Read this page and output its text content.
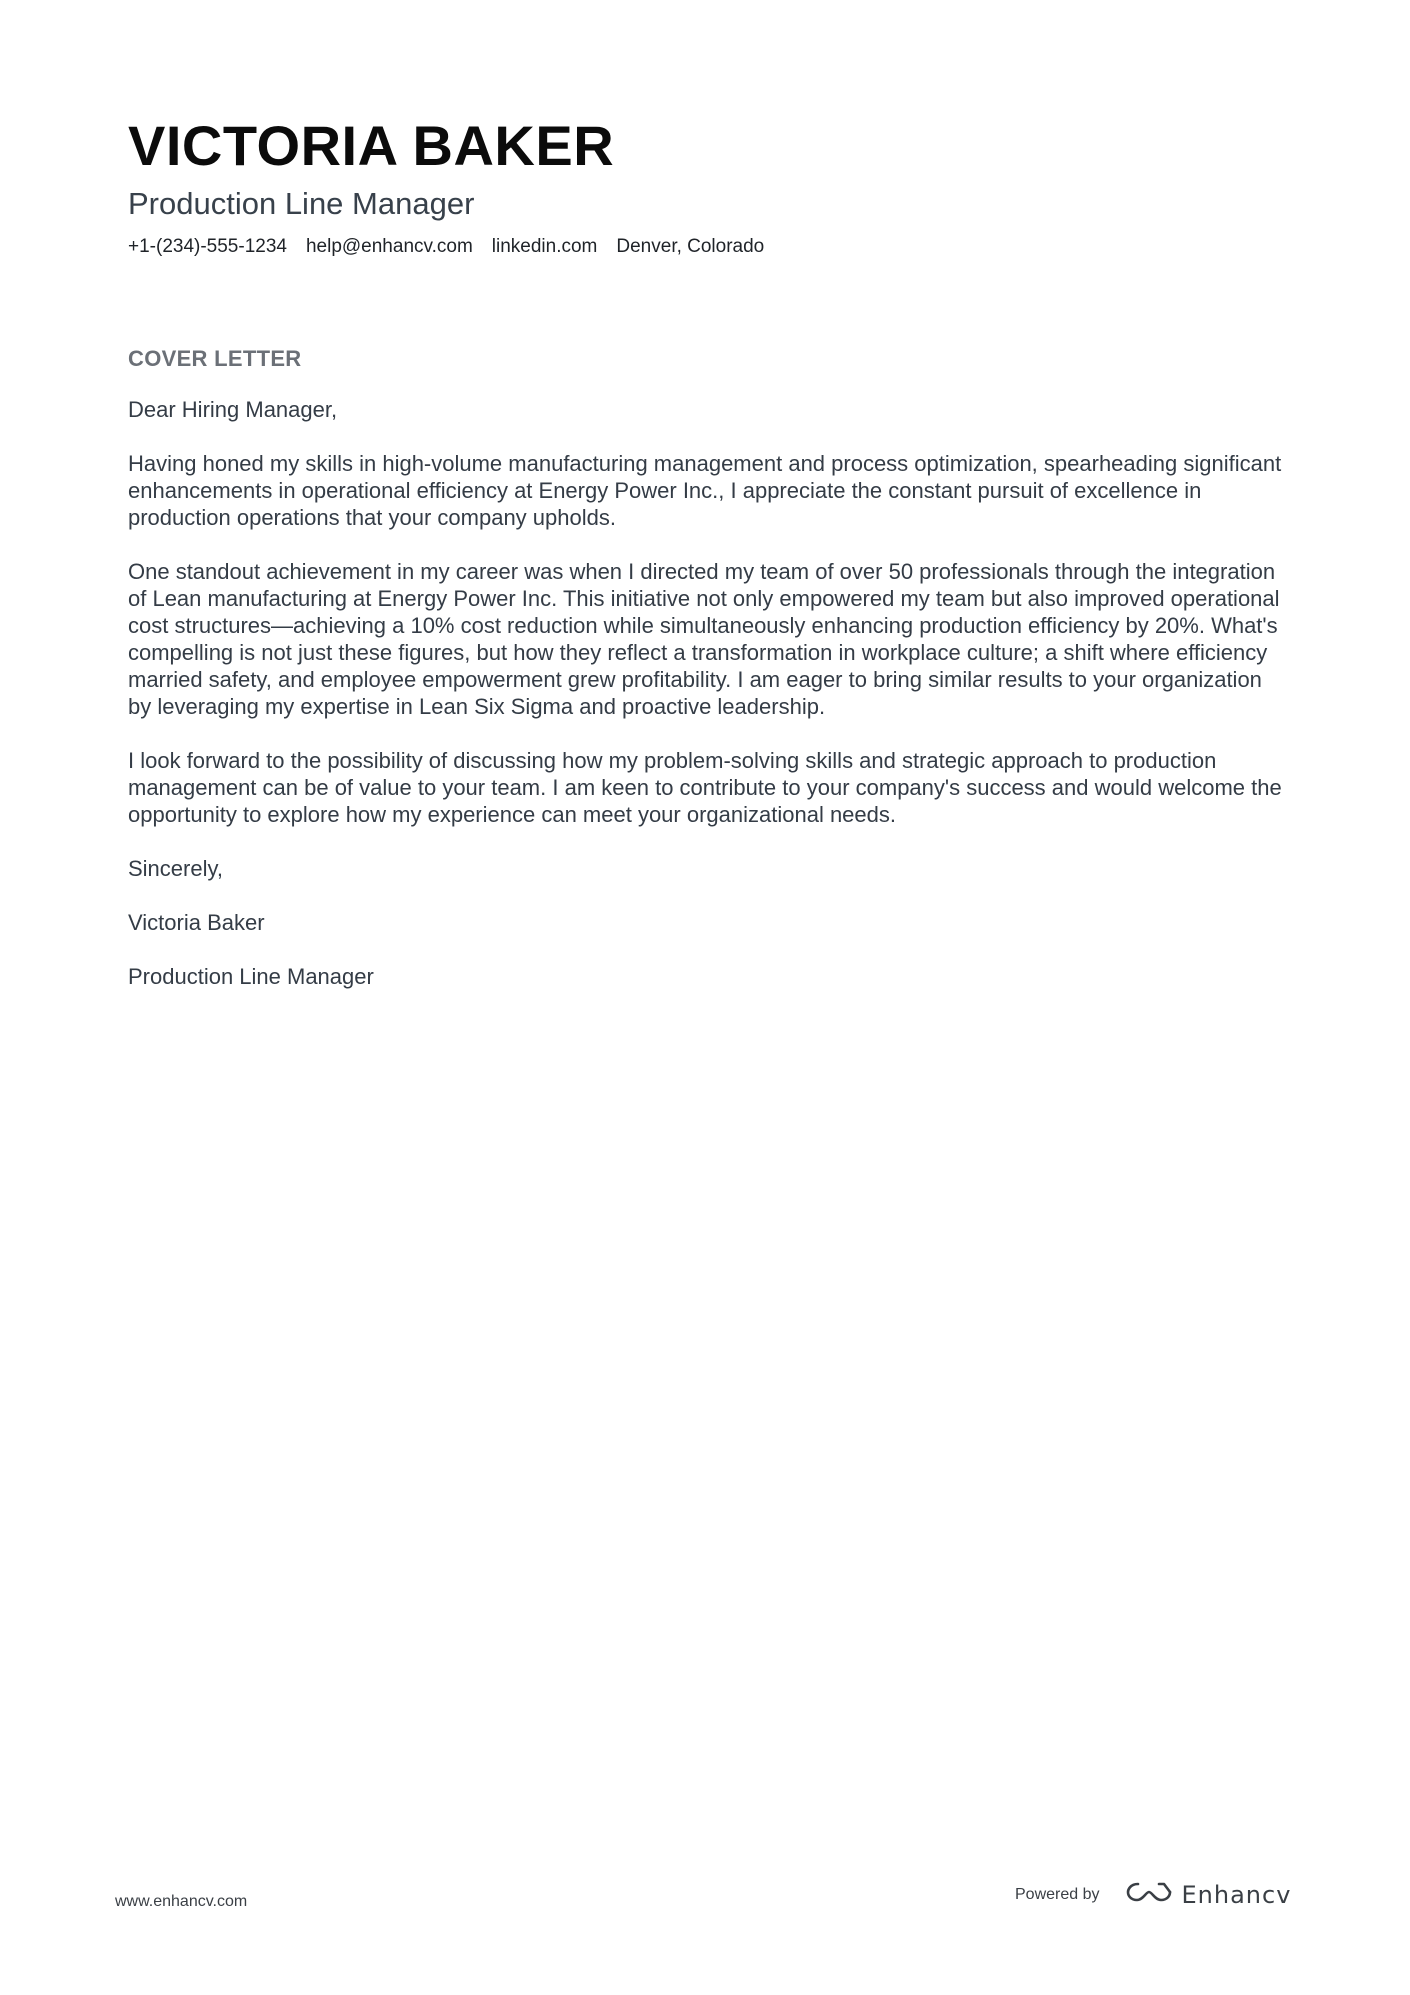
VICTORIA BAKER
Production Line Manager
+1-(234)-555-1234 help@enhancv.com linkedin.com Denver, Colorado
COVER LETTER

Dear Hiring Manager,

Having honed my skills in high-volume manufacturing management and process optimization, spearheading significant enhancements in operational efficiency at Energy Power Inc., I appreciate the constant pursuit of excellence in production operations that your company upholds.

One standout achievement in my career was when I directed my team of over 50 professionals through the integration of Lean manufacturing at Energy Power Inc. This initiative not only empowered my team but also improved operational cost structures—achieving a 10% cost reduction while simultaneously enhancing production efficiency by 20%. What's compelling is not just these figures, but how they reflect a transformation in workplace culture; a shift where efficiency married safety, and employee empowerment grew profitability. I am eager to bring similar results to your organization by leveraging my expertise in Lean Six Sigma and proactive leadership.

I look forward to the possibility of discussing how my problem-solving skills and strategic approach to production management can be of value to your team. I am keen to contribute to your company's success and would welcome the opportunity to explore how my experience can meet your organizational needs.

Sincerely,

Victoria Baker

Production Line Manager

www.enhancv.com	Powered by	Enhancv
